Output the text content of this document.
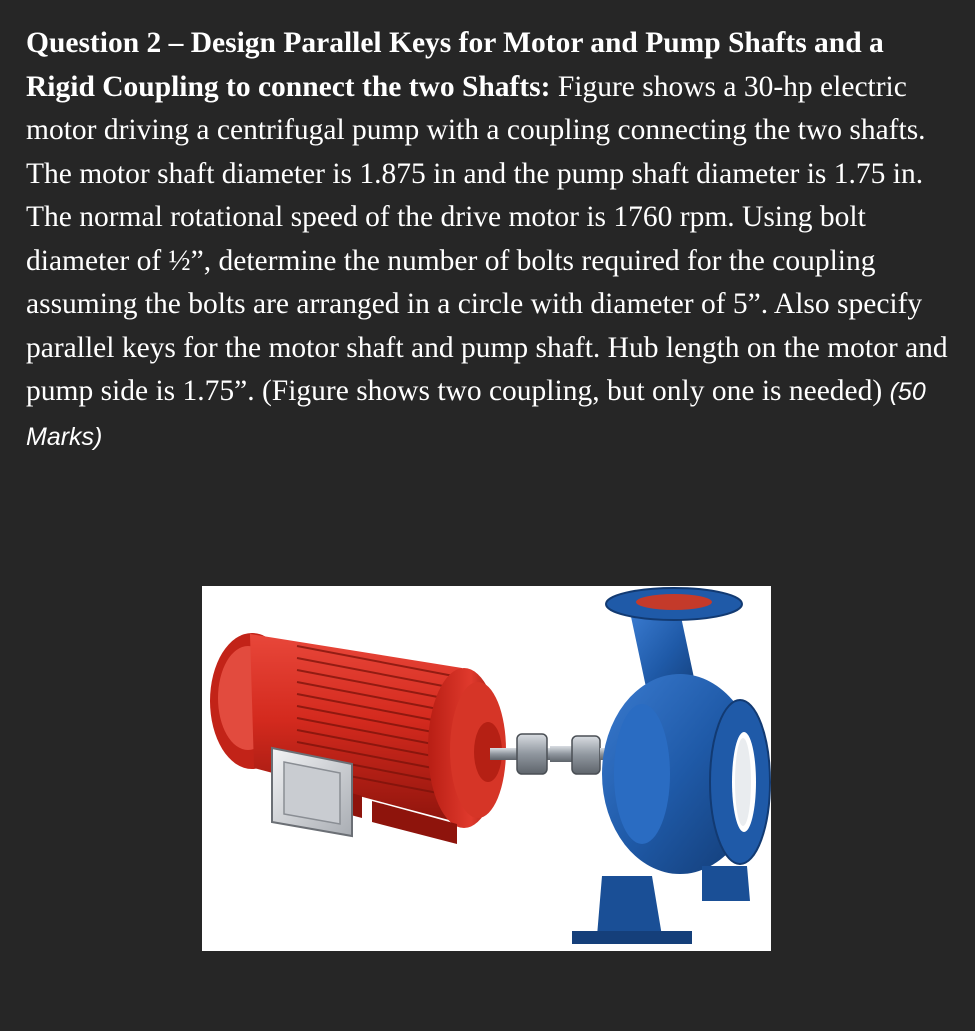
Question 2 – Design Parallel Keys for Motor and Pump Shafts and a Rigid Coupling to connect the two Shafts: Figure shows a 30-hp electric motor driving a centrifugal pump with a coupling connecting the two shafts. The motor shaft diameter is 1.875 in and the pump shaft diameter is 1.75 in. The normal rotational speed of the drive motor is 1760 rpm. Using bolt diameter of ½”, determine the number of bolts required for the coupling assuming the bolts are arranged in a circle with diameter of 5”. Also specify parallel keys for the motor shaft and pump shaft. Hub length on the motor and pump side is 1.75”. (Figure shows two coupling, but only one is needed) (50 Marks)
